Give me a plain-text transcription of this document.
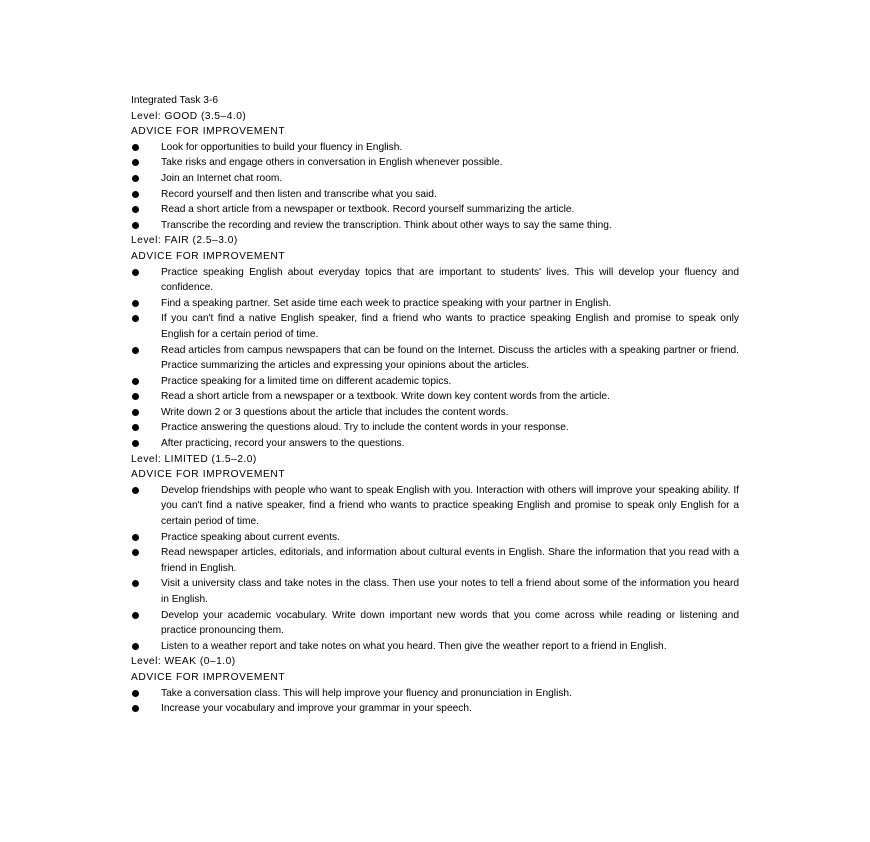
Integrated Task 3-6
Level: GOOD (3.5–4.0)
ADVICE FOR IMPROVEMENT
Look for opportunities to build your fluency in English.
Take risks and engage others in conversation in English whenever possible.
Join an Internet chat room.
Record yourself and then listen and transcribe what you said.
Read a short article from a newspaper or textbook. Record yourself summarizing the article.
Transcribe the recording and review the transcription. Think about other ways to say the same thing.
Level: FAIR (2.5–3.0)
ADVICE FOR IMPROVEMENT
Practice speaking English about everyday topics that are important to students' lives. This will develop your fluency and confidence.
Find a speaking partner. Set aside time each week to practice speaking with your partner in English.
If you can't find a native English speaker, find a friend who wants to practice speaking English and promise to speak only English for a certain period of time.
Read articles from campus newspapers that can be found on the Internet. Discuss the articles with a speaking partner or friend. Practice summarizing the articles and expressing your opinions about the articles.
Practice speaking for a limited time on different academic topics.
Read a short article from a newspaper or a textbook. Write down key content words from the article.
Write down 2 or 3 questions about the article that includes the content words.
Practice answering the questions aloud. Try to include the content words in your response.
After practicing, record your answers to the questions.
Level: LIMITED (1.5–2.0)
ADVICE FOR IMPROVEMENT
Develop friendships with people who want to speak English with you. Interaction with others will improve your speaking ability. If you can't find a native speaker, find a friend who wants to practice speaking English and promise to speak only English for a certain period of time.
Practice speaking about current events.
Read newspaper articles, editorials, and information about cultural events in English. Share the information that you read with a friend in English.
Visit a university class and take notes in the class. Then use your notes to tell a friend about some of the information you heard in English.
Develop your academic vocabulary. Write down important new words that you come across while reading or listening and practice pronouncing them.
Listen to a weather report and take notes on what you heard. Then give the weather report to a friend in English.
Level: WEAK (0–1.0)
ADVICE FOR IMPROVEMENT
Take a conversation class. This will help improve your fluency and pronunciation in English.
Increase your vocabulary and improve your grammar in your speech.
